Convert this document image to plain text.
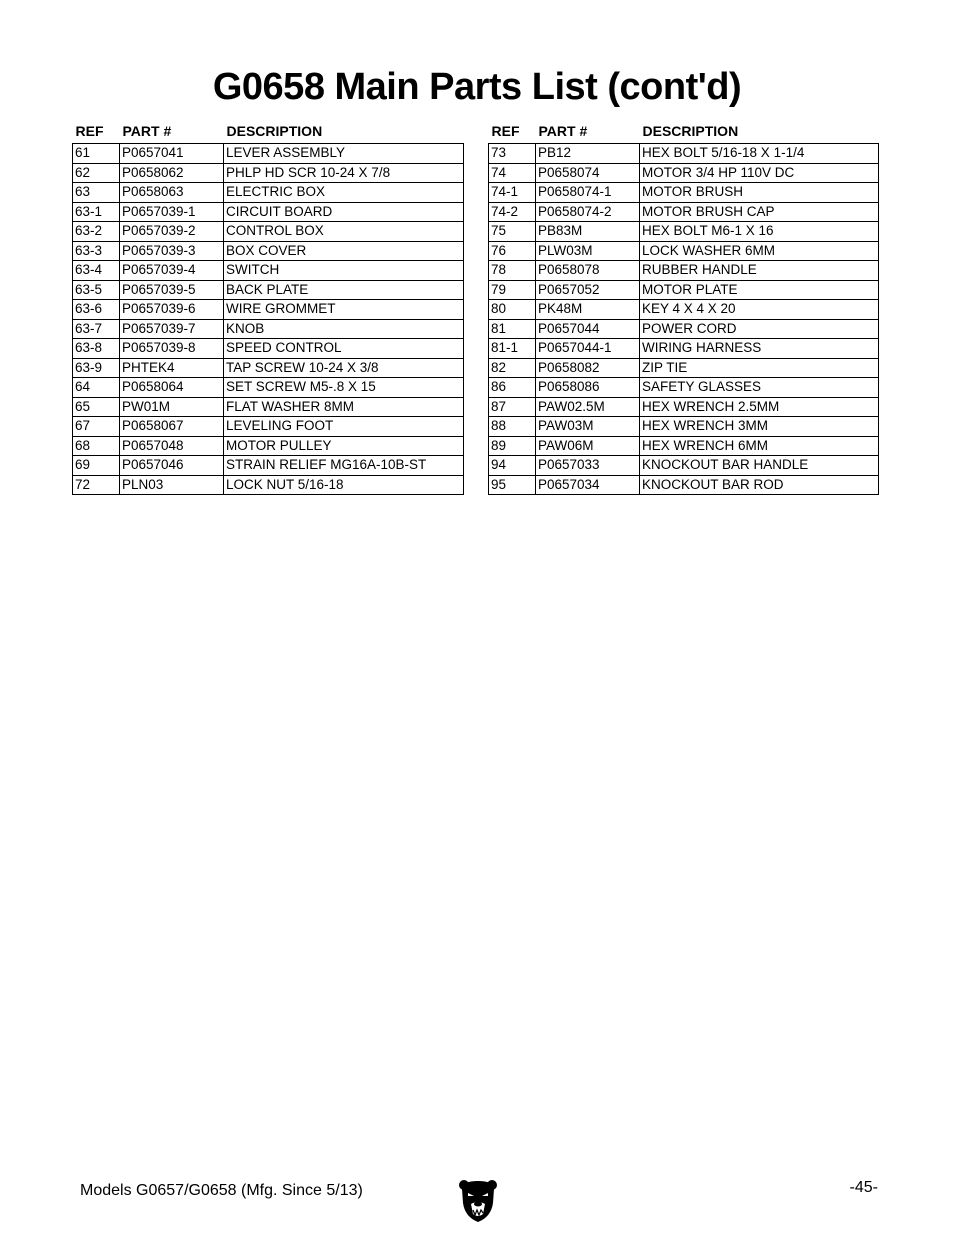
G0658 Main Parts List (cont'd)
REF	PART #	DESCRIPTION
61	P0657041	LEVER ASSEMBLY
62	P0658062	PHLP HD SCR 10-24 X 7/8
63	P0658063	ELECTRIC BOX
63-1	P0657039-1	CIRCUIT BOARD
63-2	P0657039-2	CONTROL BOX
63-3	P0657039-3	BOX COVER
63-4	P0657039-4	SWITCH
63-5	P0657039-5	BACK PLATE
63-6	P0657039-6	WIRE GROMMET
63-7	P0657039-7	KNOB
63-8	P0657039-8	SPEED CONTROL
63-9	PHTEK4	TAP SCREW 10-24 X 3/8
64	P0658064	SET SCREW M5-.8 X 15
65	PW01M	FLAT WASHER 8MM
67	P0658067	LEVELING FOOT
68	P0657048	MOTOR PULLEY
69	P0657046	STRAIN RELIEF MG16A-10B-ST
72	PLN03	LOCK NUT 5/16-18
REF	PART #	DESCRIPTION
73	PB12	HEX BOLT 5/16-18 X 1-1/4
74	P0658074	MOTOR 3/4 HP 110V DC
74-1	P0658074-1	MOTOR BRUSH
74-2	P0658074-2	MOTOR BRUSH CAP
75	PB83M	HEX BOLT M6-1 X 16
76	PLW03M	LOCK WASHER 6MM
78	P0658078	RUBBER HANDLE
79	P0657052	MOTOR PLATE
80	PK48M	KEY 4 X 4 X 20
81	P0657044	POWER CORD
81-1	P0657044-1	WIRING HARNESS
82	P0658082	ZIP TIE
86	P0658086	SAFETY GLASSES
87	PAW02.5M	HEX WRENCH 2.5MM
88	PAW03M	HEX WRENCH 3MM
89	PAW06M	HEX WRENCH 6MM
94	P0657033	KNOCKOUT BAR HANDLE
95	P0657034	KNOCKOUT BAR ROD
Models G0657/G0658 (Mfg. Since 5/13)	-45-
